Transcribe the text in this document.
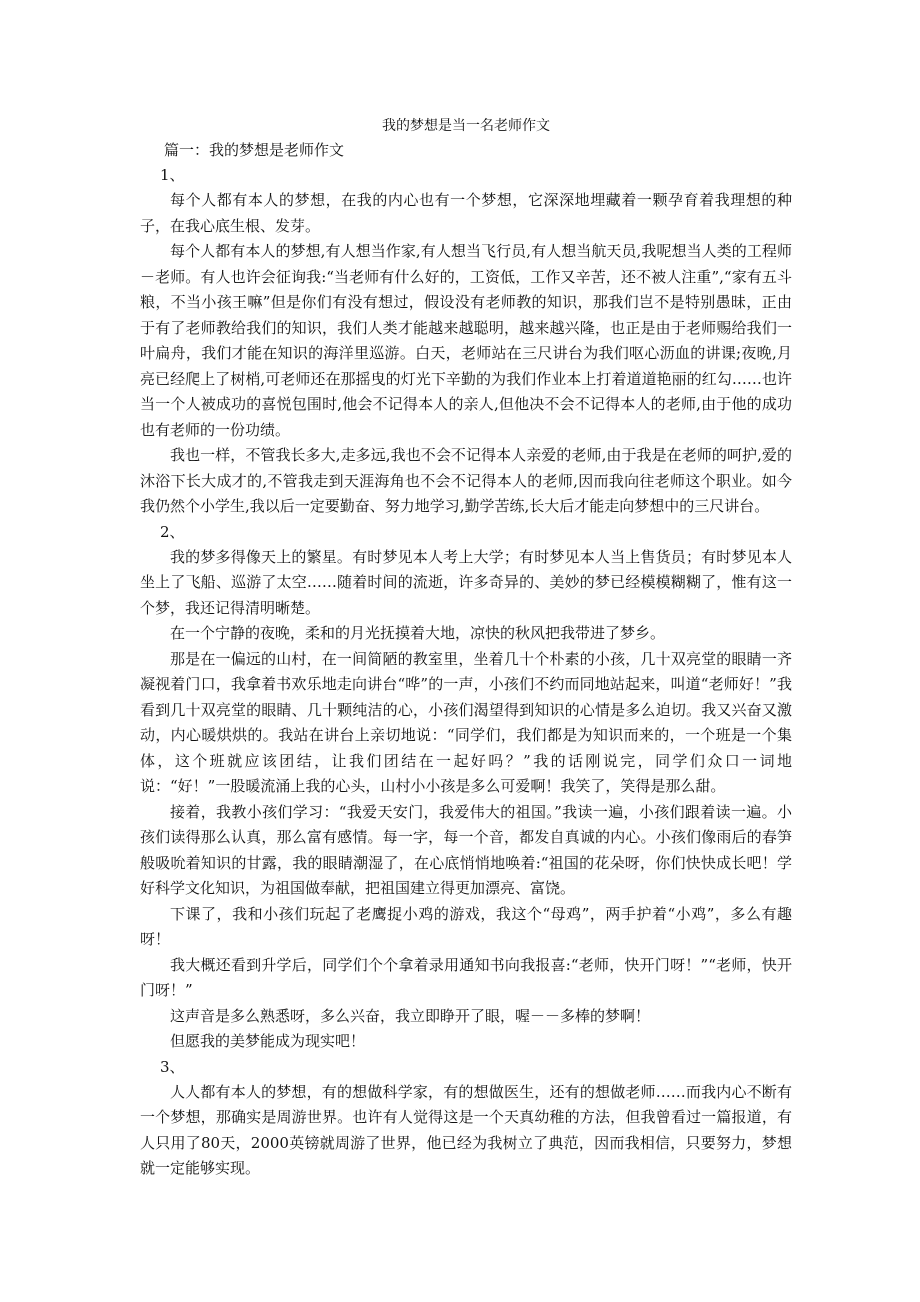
我的梦想是当一名老师作文

篇一：我的梦想是老师作文

1、

每个人都有本人的梦想，在我的内心也有一个梦想，它深深地埋藏着一颗孕育着我理想的种子，在我心底生根、发芽。

每个人都有本人的梦想,有人想当作家,有人想当飞行员,有人想当航天员,我呢想当人类的工程师－老师。有人也许会征询我:“当老师有什么好的，工资低，工作又辛苦，还不被人注重”,“家有五斗粮，不当小孩王嘛”但是你们有没有想过，假设没有老师教的知识，那我们岂不是特别愚昧，正由于有了老师教给我们的知识，我们人类才能越来越聪明，越来越兴隆，也正是由于老师赐给我们一叶扁舟，我们才能在知识的海洋里巡游。白天，老师站在三尺讲台为我们呕心沥血的讲课;夜晚,月亮已经爬上了树梢,可老师还在那摇曳的灯光下辛勤的为我们作业本上打着道道艳丽的红勾……也许当一个人被成功的喜悦包围时,他会不记得本人的亲人,但他决不会不记得本人的老师,由于他的成功也有老师的一份功绩。

我也一样，不管我长多大,走多远,我也不会不记得本人亲爱的老师,由于我是在老师的呵护,爱的沐浴下长大成才的,不管我走到天涯海角也不会不记得本人的老师,因而我向往老师这个职业。如今我仍然个小学生,我以后一定要勤奋、努力地学习,勤学苦练,长大后才能走向梦想中的三尺讲台。

2、

我的梦多得像天上的繁星。有时梦见本人考上大学；有时梦见本人当上售货员；有时梦见本人坐上了飞船、巡游了太空……随着时间的流逝，许多奇异的、美妙的梦已经模模糊糊了，惟有这一个梦，我还记得清明晰楚。

在一个宁静的夜晚，柔和的月光抚摸着大地，凉快的秋风把我带进了梦乡。

那是在一偏远的山村，在一间简陋的教室里，坐着几十个朴素的小孩，几十双亮堂的眼睛一齐凝视着门口，我拿着书欢乐地走向讲台“哗”的一声，小孩们不约而同地站起来，叫道“老师好！”我看到几十双亮堂的眼睛、几十颗纯洁的心，小孩们渴望得到知识的心情是多么迫切。我又兴奋又激动，内心暖烘烘的。我站在讲台上亲切地说：“同学们，我们都是为知识而来的，一个班是一个集体，这个班就应该团结，让我们团结在一起好吗？”我的话刚说完，同学们众口一词地说：“好！”一股暖流涌上我的心头，山村小小孩是多么可爱啊！我笑了，笑得是那么甜。

接着，我教小孩们学习：“我爱天安门，我爱伟大的祖国。”我读一遍，小孩们跟着读一遍。小孩们读得那么认真，那么富有感情。每一字，每一个音，都发自真诚的内心。小孩们像雨后的春笋般吸吮着知识的甘露，我的眼睛潮湿了，在心底悄悄地唤着:“祖国的花朵呀，你们快快成长吧！学好科学文化知识，为祖国做奉献，把祖国建立得更加漂亮、富饶。

下课了，我和小孩们玩起了老鹰捉小鸡的游戏，我这个“母鸡”，两手护着“小鸡”，多么有趣呀！

我大概还看到升学后，同学们个个拿着录用通知书向我报喜:“老师，快开门呀！”“老师，快开门呀！”

这声音是多么熟悉呀，多么兴奋，我立即睁开了眼，喔－－多棒的梦啊！

但愿我的美梦能成为现实吧！

3、

人人都有本人的梦想，有的想做科学家，有的想做医生，还有的想做老师……而我内心不断有一个梦想，那确实是周游世界。也许有人觉得这是一个天真幼稚的方法，但我曾看过一篇报道，有人只用了80天，2000英镑就周游了世界，他已经为我树立了典范，因而我相信，只要努力，梦想就一定能够实现。
